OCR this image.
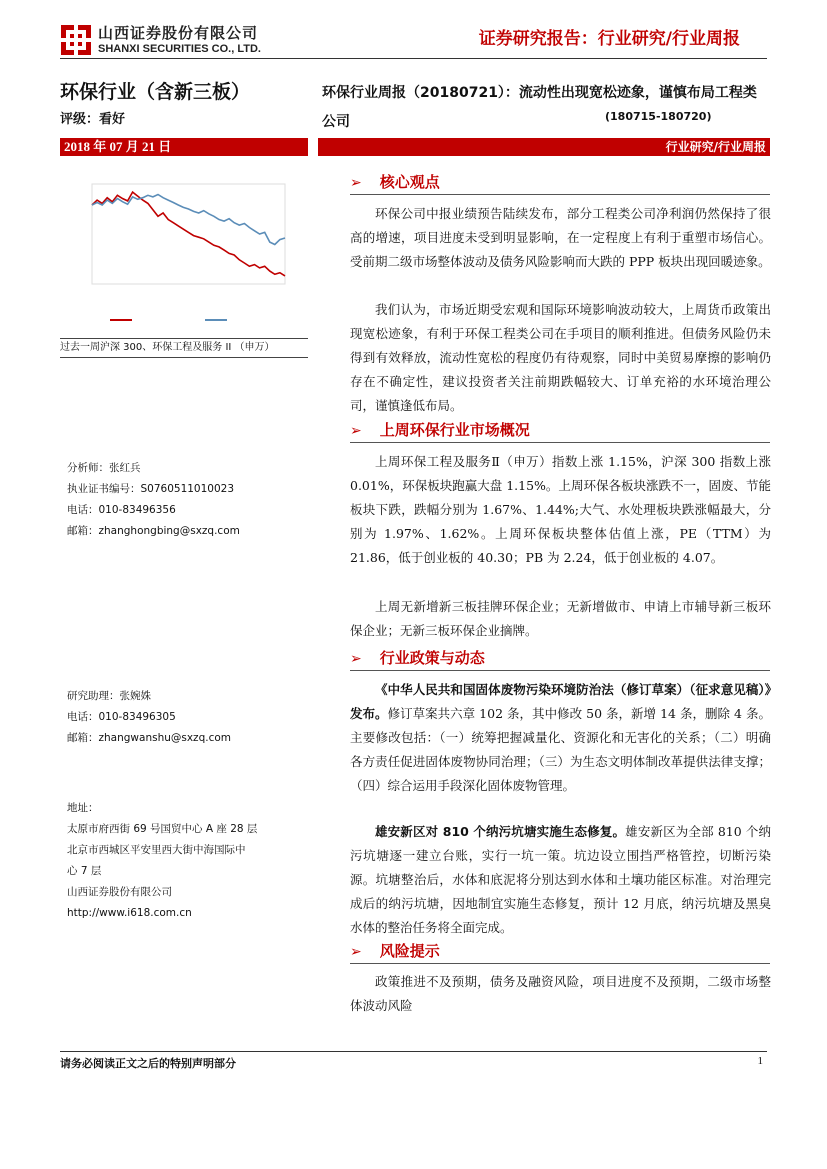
山西证券股份有限公司
SHANXI SECURITIES CO., LTD.	证券研究报告：行业研究/行业周报
环保行业（含新三板）
评级：看好
环保行业周报（20180721）：流动性出现宽松迹象，谨慎布局工程类公司	(180715-180720)
2018 年 07 月 21 日	行业研究/行业周报
过去一周沪深 300、环保工程及服务 II （申万）
分析师：张红兵
执业证书编号：S0760511010023
电话：010-83496356
邮箱：zhanghongbing@sxzq.com
研究助理：张婉姝
电话：010-83496305
邮箱：zhangwanshu@sxzq.com
地址：
太原市府西街 69 号国贸中心 A 座 28 层
北京市西城区平安里西大街中海国际中
心 7 层
山西证券股份有限公司
http://www.i618.com.cn
➢ 核心观点
环保公司中报业绩预告陆续发布，部分工程类公司净利润仍然保持了很高的增速，项目进度未受到明显影响，在一定程度上有利于重塑市场信心。受前期二级市场整体波动及债务风险影响而大跌的 PPP 板块出现回暖迹象。
我们认为，市场近期受宏观和国际环境影响波动较大，上周货币政策出现宽松迹象，有利于环保工程类公司在手项目的顺利推进。但债务风险仍未得到有效释放，流动性宽松的程度仍有待观察，同时中美贸易摩擦的影响仍存在不确定性，建议投资者关注前期跌幅较大、订单充裕的水环境治理公司，谨慎逢低布局。
➢ 上周环保行业市场概况
上周环保工程及服务Ⅱ（申万）指数上涨 1.15%，沪深 300 指数上涨 0.01%，环保板块跑赢大盘 1.15%。上周环保各板块涨跌不一，固废、节能板块下跌，跌幅分别为 1.67%、1.44%;大气、水处理板块跌涨幅最大，分别为 1.97%、1.62%。上周环保板块整体估值上涨，PE（TTM）为 21.86，低于创业板的 40.30；PB 为 2.24，低于创业板的 4.07。
上周无新增新三板挂牌环保企业；无新增做市、申请上市辅导新三板环保企业；无新三板环保企业摘牌。
➢ 行业政策与动态
《中华人民共和国固体废物污染环境防治法（修订草案）（征求意见稿）》发布。修订草案共六章 102 条，其中修改 50 条，新增 14 条，删除 4 条。主要修改包括：（一）统筹把握减量化、资源化和无害化的关系；（二）明确各方责任促进固体废物协同治理；（三）为生态文明体制改革提供法律支撑；（四）综合运用手段深化固体废物管理。
雄安新区对 810 个纳污坑塘实施生态修复。雄安新区为全部 810 个纳污坑塘逐一建立台账，实行一坑一策。坑边设立围挡严格管控，切断污染源。坑塘整治后，水体和底泥将分别达到水体和土壤功能区标准。对治理完成后的纳污坑塘，因地制宜实施生态修复，预计 12 月底，纳污坑塘及黑臭水体的整治任务将全面完成。
➢ 风险提示
政策推进不及预期，债务及融资风险，项目进度不及预期，二级市场整体波动风险
请务必阅读正文之后的特别声明部分	1
